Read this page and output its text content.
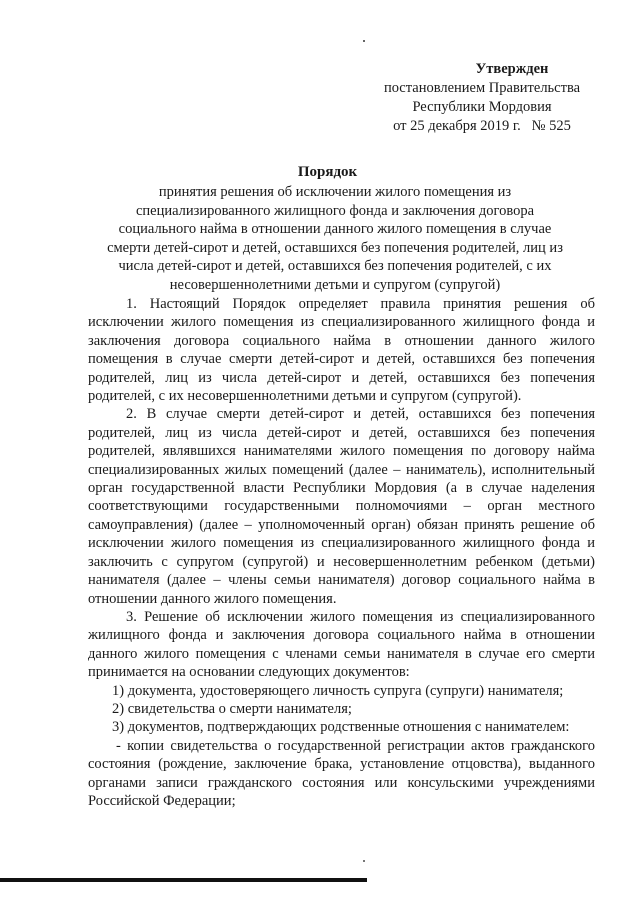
Утвержден
постановлением Правительства
Республики Мордовия
от 25 декабря 2019 г.   № 525
Порядок
принятия решения об исключении жилого помещения из специализированного жилищного фонда и заключения договора социального найма в отношении данного жилого помещения в случае смерти детей-сирот и детей, оставшихся без попечения родителей, лиц из числа детей-сирот и детей, оставшихся без попечения родителей, с их несовершеннолетними детьми и супругом (супругой)

1. Настоящий Порядок определяет правила принятия решения об исключении жилого помещения из специализированного жилищного фонда и заключения договора социального найма в отношении данного жилого помещения в случае смерти детей-сирот и детей, оставшихся без попечения родителей, лиц из числа детей-сирот и детей, оставшихся без попечения родителей, с их несовершеннолетними детьми и супругом (супругой).

2. В случае смерти детей-сирот и детей, оставшихся без попечения родителей, лиц из числа детей-сирот и детей, оставшихся без попечения родителей, являвшихся нанимателями жилого помещения по договору найма специализированных жилых помещений (далее – наниматель), исполнительный орган государственной власти Республики Мордовия (а в случае наделения соответствующими государственными полномочиями – орган местного самоуправления) (далее – уполномоченный орган) обязан принять решение об исключении жилого помещения из специализированного жилищного фонда и заключить с супругом (супругой) и несовершеннолетним ребенком (детьми) нанимателя (далее – члены семьи нанимателя) договор социального найма в отношении данного жилого помещения.

3. Решение об исключении жилого помещения из специализированного жилищного фонда и заключения договора социального найма в отношении данного жилого помещения с членами семьи нанимателя в случае его смерти принимается на основании следующих документов:

1) документа, удостоверяющего личность супруга (супруги) нанимателя;

2) свидетельства о смерти нанимателя;

3) документов, подтверждающих родственные отношения с нанимателем:

- копии свидетельства о государственной регистрации актов гражданского состояния (рождение, заключение брака, установление отцовства), выданного органами записи гражданского состояния или консульскими учреждениями Российской Федерации;
